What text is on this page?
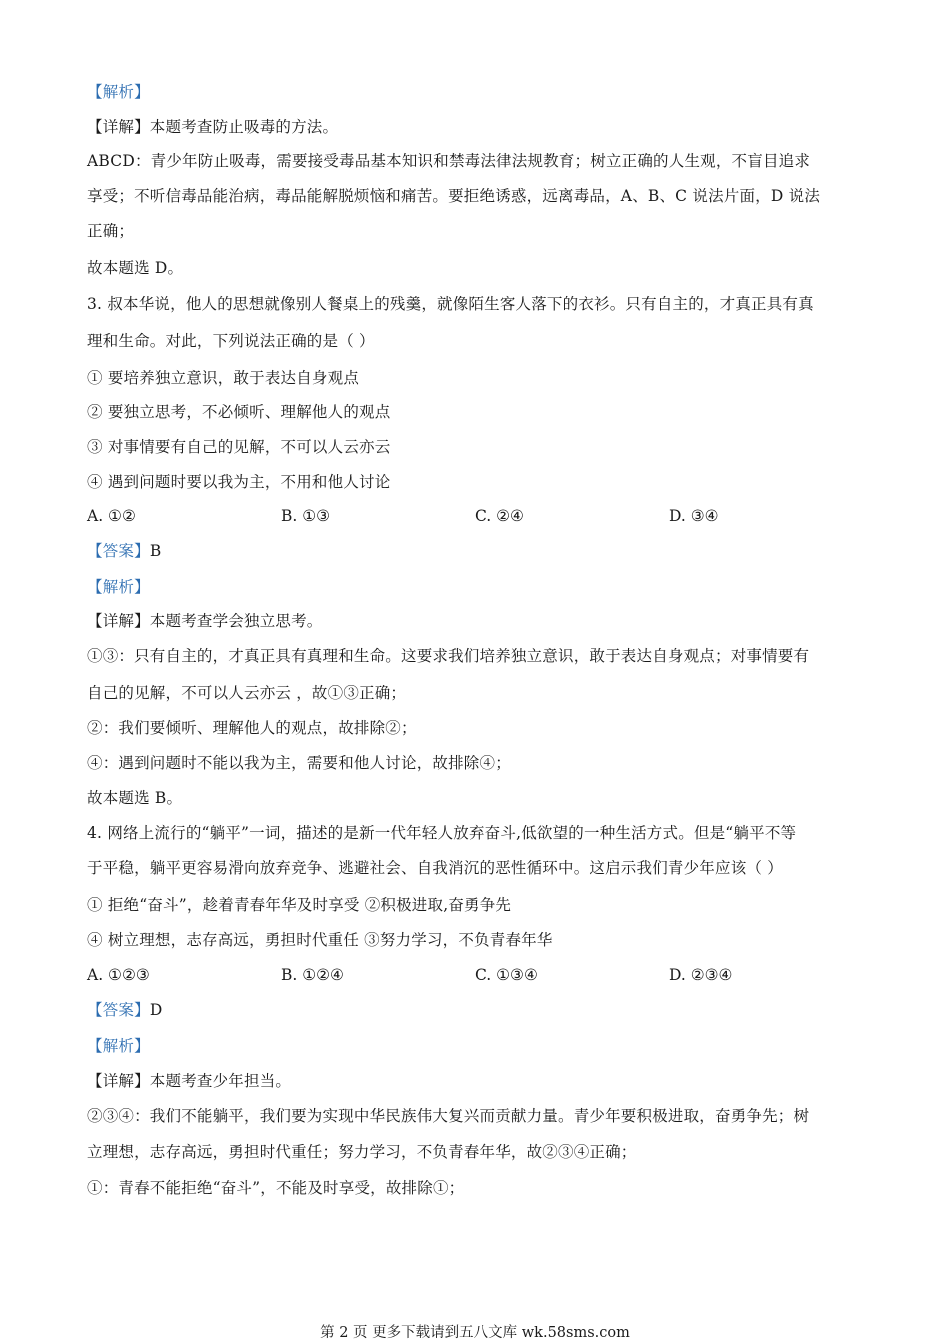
【解析】
【详解】本题考查防止吸毒的方法。
ABCD：青少年防止吸毒，需要接受毒品基本知识和禁毒法律法规教育；树立正确的人生观，不盲目追求
享受；不听信毒品能治病，毒品能解脱烦恼和痛苦。要拒绝诱惑，远离毒品，A、B、C 说法片面，D 说法
正确；
故本题选 D。
3. 叔本华说，他人的思想就像别人餐桌上的残羹，就像陌生客人落下的衣衫。只有自主的，才真正具有真
理和生命。对此，下列说法正确的是（ ）
① 要培养独立意识，敢于表达自身观点
② 要独立思考，不必倾听、理解他人的观点
③ 对事情要有自己的见解，不可以人云亦云
④ 遇到问题时要以我为主，不用和他人讨论
A. ①②	B. ①③	C. ②④	D. ③④
【答案】B
【解析】
【详解】本题考查学会独立思考。
①③：只有自主的，才真正具有真理和生命。这要求我们培养独立意识，敢于表达自身观点；对事情要有
自己的见解，不可以人云亦云 ，故①③正确；
②：我们要倾听、理解他人的观点，故排除②；
④：遇到问题时不能以我为主，需要和他人讨论，故排除④；
故本题选 B。
4. 网络上流行的“躺平”一词，描述的是新一代年轻人放弃奋斗,低欲望的一种生活方式。但是“躺平不等
于平稳，躺平更容易滑向放弃竞争、逃避社会、自我消沉的恶性循环中。这启示我们青少年应该（ ）
① 拒绝“奋斗”，趁着青春年华及时享受 ②积极进取,奋勇争先
④ 树立理想，志存高远，勇担时代重任 ③努力学习，不负青春年华
A. ①②③	B. ①②④	C. ①③④	D. ②③④
【答案】D
【解析】
【详解】本题考查少年担当。
②③④：我们不能躺平，我们要为实现中华民族伟大复兴而贡献力量。青少年要积极进取，奋勇争先；树
立理想，志存高远，勇担时代重任；努力学习，不负青春年华，故②③④正确；
①：青春不能拒绝“奋斗”，不能及时享受，故排除①；
第 2 页 更多下载请到五八文库 wk.58sms.com
